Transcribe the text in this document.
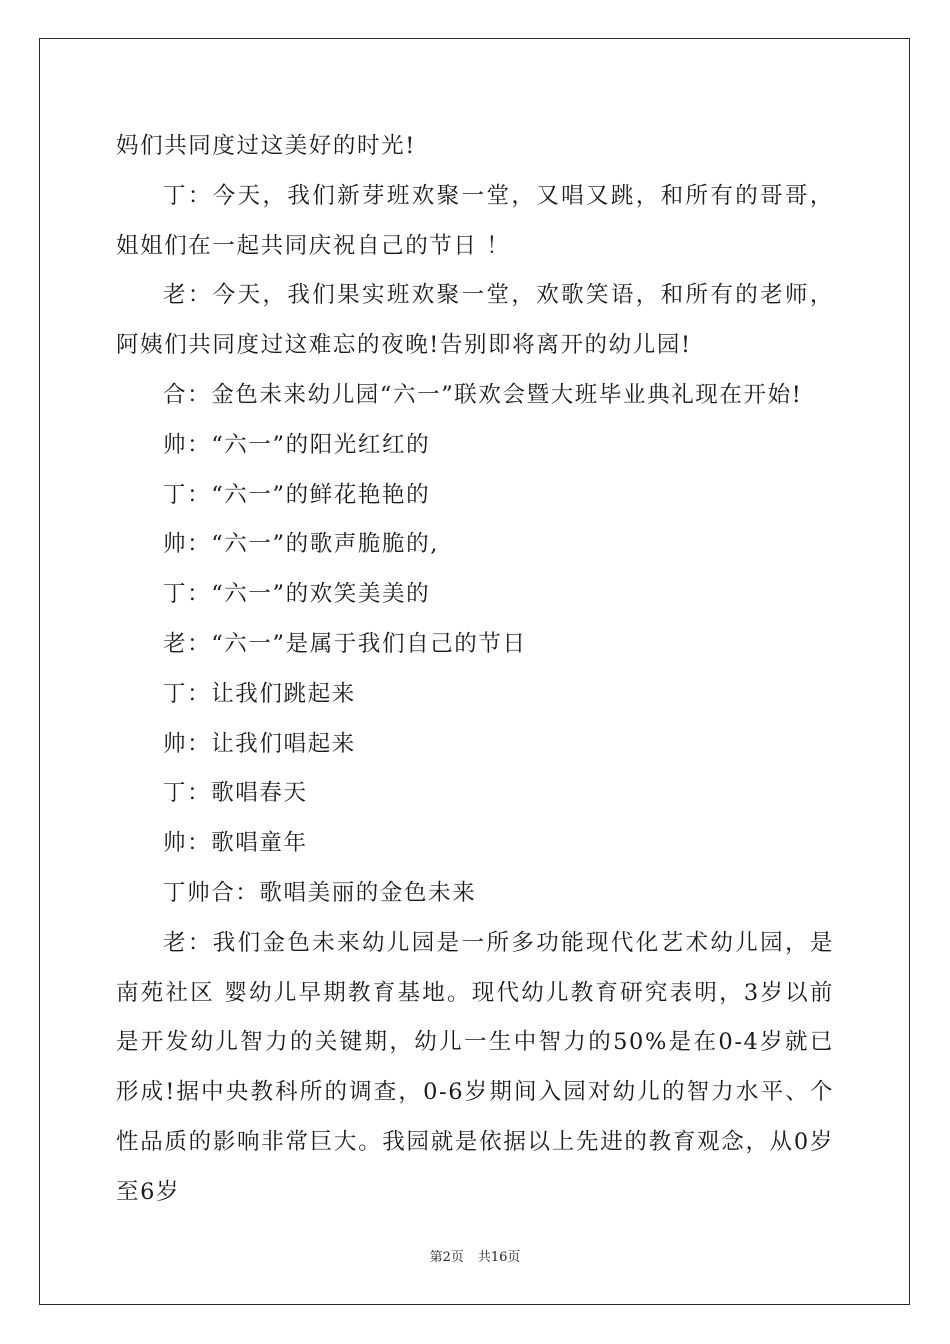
妈们共同度过这美好的时光!

丁：今天，我们新芽班欢聚一堂，又唱又跳，和所有的哥哥，姐姐们在一起共同庆祝自己的节日 ！

老：今天，我们果实班欢聚一堂，欢歌笑语，和所有的老师，阿姨们共同度过这难忘的夜晚!告别即将离开的幼儿园!

合：金色未来幼儿园“六一”联欢会暨大班毕业典礼现在开始!

帅：“六一”的阳光红红的

丁：“六一”的鲜花艳艳的

帅：“六一”的歌声脆脆的,

丁：“六一”的欢笑美美的

老：“六一”是属于我们自己的节日

丁：让我们跳起来

帅：让我们唱起来

丁：歌唱春天

帅：歌唱童年

丁帅合：歌唱美丽的金色未来

老：我们金色未来幼儿园是一所多功能现代化艺术幼儿园，是南苑社区 婴幼儿早期教育基地。现代幼儿教育研究表明，3岁以前是开发幼儿智力的关键期，幼儿一生中智力的50%是在0-4岁就已形成!据中央教科所的调查，0-6岁期间入园对幼儿的智力水平、个性品质的影响非常巨大。我园就是依据以上先进的教育观念，从0岁至6岁

第2页 共16页
